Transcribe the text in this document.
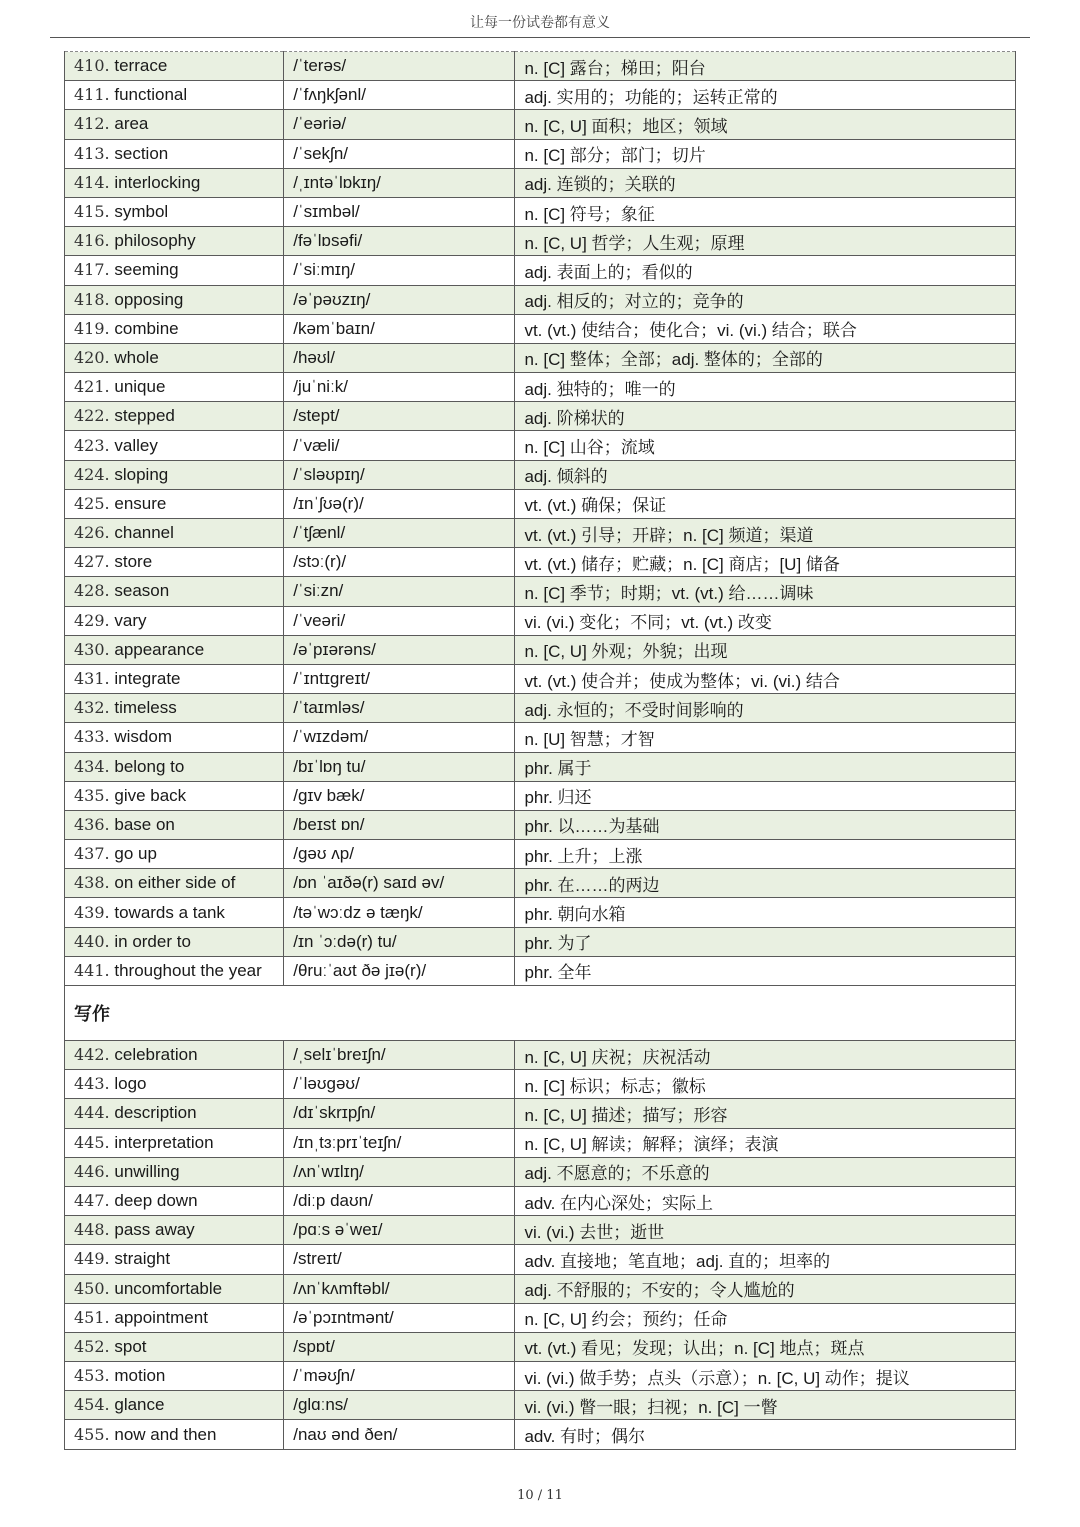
让每一份试卷都有意义
410. terrace	/ˈterəs/	n. [C] 露台；梯田；阳台
411. functional	/ˈfʌŋkʃənl/	adj. 实用的；功能的；运转正常的
412. area	/ˈeəriə/	n. [C, U] 面积；地区；领域
413. section	/ˈsekʃn/	n. [C] 部分；部门；切片
414. interlocking	/ˌɪntəˈlɒkɪŋ/	adj. 连锁的；关联的
415. symbol	/ˈsɪmbəl/	n. [C] 符号；象征
416. philosophy	/fəˈlɒsəfi/	n. [C, U] 哲学；人生观；原理
417. seeming	/ˈsiːmɪŋ/	adj. 表面上的；看似的
418. opposing	/əˈpəʊzɪŋ/	adj. 相反的；对立的；竞争的
419. combine	/kəmˈbaɪn/	vt. (vt.) 使结合；使化合；vi. (vi.) 结合；联合
420. whole	/həʊl/	n. [C] 整体；全部；adj. 整体的；全部的
421. unique	/juˈniːk/	adj. 独特的；唯一的
422. stepped	/stept/	adj. 阶梯状的
423. valley	/ˈvæli/	n. [C] 山谷；流域
424. sloping	/ˈsləʊpɪŋ/	adj. 倾斜的
425. ensure	/ɪnˈʃʊə(r)/	vt. (vt.) 确保；保证
426. channel	/ˈtʃænl/	vt. (vt.) 引导；开辟；n. [C] 频道；渠道
427. store	/stɔː(r)/	vt. (vt.) 储存；贮藏；n. [C] 商店；[U] 储备
428. season	/ˈsiːzn/	n. [C] 季节；时期；vt. (vt.) 给……调味
429. vary	/ˈveəri/	vi. (vi.) 变化；不同；vt. (vt.) 改变
430. appearance	/əˈpɪərəns/	n. [C, U] 外观；外貌；出现
431. integrate	/ˈɪntɪɡreɪt/	vt. (vt.) 使合并；使成为整体；vi. (vi.) 结合
432. timeless	/ˈtaɪmləs/	adj. 永恒的；不受时间影响的
433. wisdom	/ˈwɪzdəm/	n. [U] 智慧；才智
434. belong to	/bɪˈlɒŋ tu/	phr. 属于
435. give back	/ɡɪv bæk/	phr. 归还
436. base on	/beɪst ɒn/	phr. 以……为基础
437. go up	/ɡəʊ ʌp/	phr. 上升；上涨
438. on either side of	/ɒn ˈaɪðə(r) saɪd əv/	phr. 在……的两边
439. towards a tank	/təˈwɔːdz ə tæŋk/	phr. 朝向水箱
440. in order to	/ɪn ˈɔːdə(r) tu/	phr. 为了
441. throughout the year	/θruːˈaʊt ðə jɪə(r)/	phr. 全年
写作		
442. celebration	/ˌselɪˈbreɪʃn/	n. [C, U] 庆祝；庆祝活动
443. logo	/ˈləʊɡəʊ/	n. [C] 标识；标志；徽标
444. description	/dɪˈskrɪpʃn/	n. [C, U] 描述；描写；形容
445. interpretation	/ɪnˌtɜːprɪˈteɪʃn/	n. [C, U] 解读；解释；演绎；表演
446. unwilling	/ʌnˈwɪlɪŋ/	adj. 不愿意的；不乐意的
447. deep down	/diːp daʊn/	adv. 在内心深处；实际上
448. pass away	/pɑːs əˈweɪ/	vi. (vi.) 去世；逝世
449. straight	/streɪt/	adv. 直接地；笔直地；adj. 直的；坦率的
450. uncomfortable	/ʌnˈkʌmftəbl/	adj. 不舒服的；不安的；令人尴尬的
451. appointment	/əˈpɔɪntmənt/	n. [C, U] 约会；预约；任命
452. spot	/spɒt/	vt. (vt.) 看见；发现；认出；n. [C] 地点；斑点
453. motion	/ˈməʊʃn/	vi. (vi.) 做手势；点头（示意）；n. [C, U] 动作；提议
454. glance	/ɡlɑːns/	vi. (vi.) 瞥一眼；扫视；n. [C] 一瞥
455. now and then	/naʊ ənd ðen/	adv. 有时；偶尔
10 / 11
